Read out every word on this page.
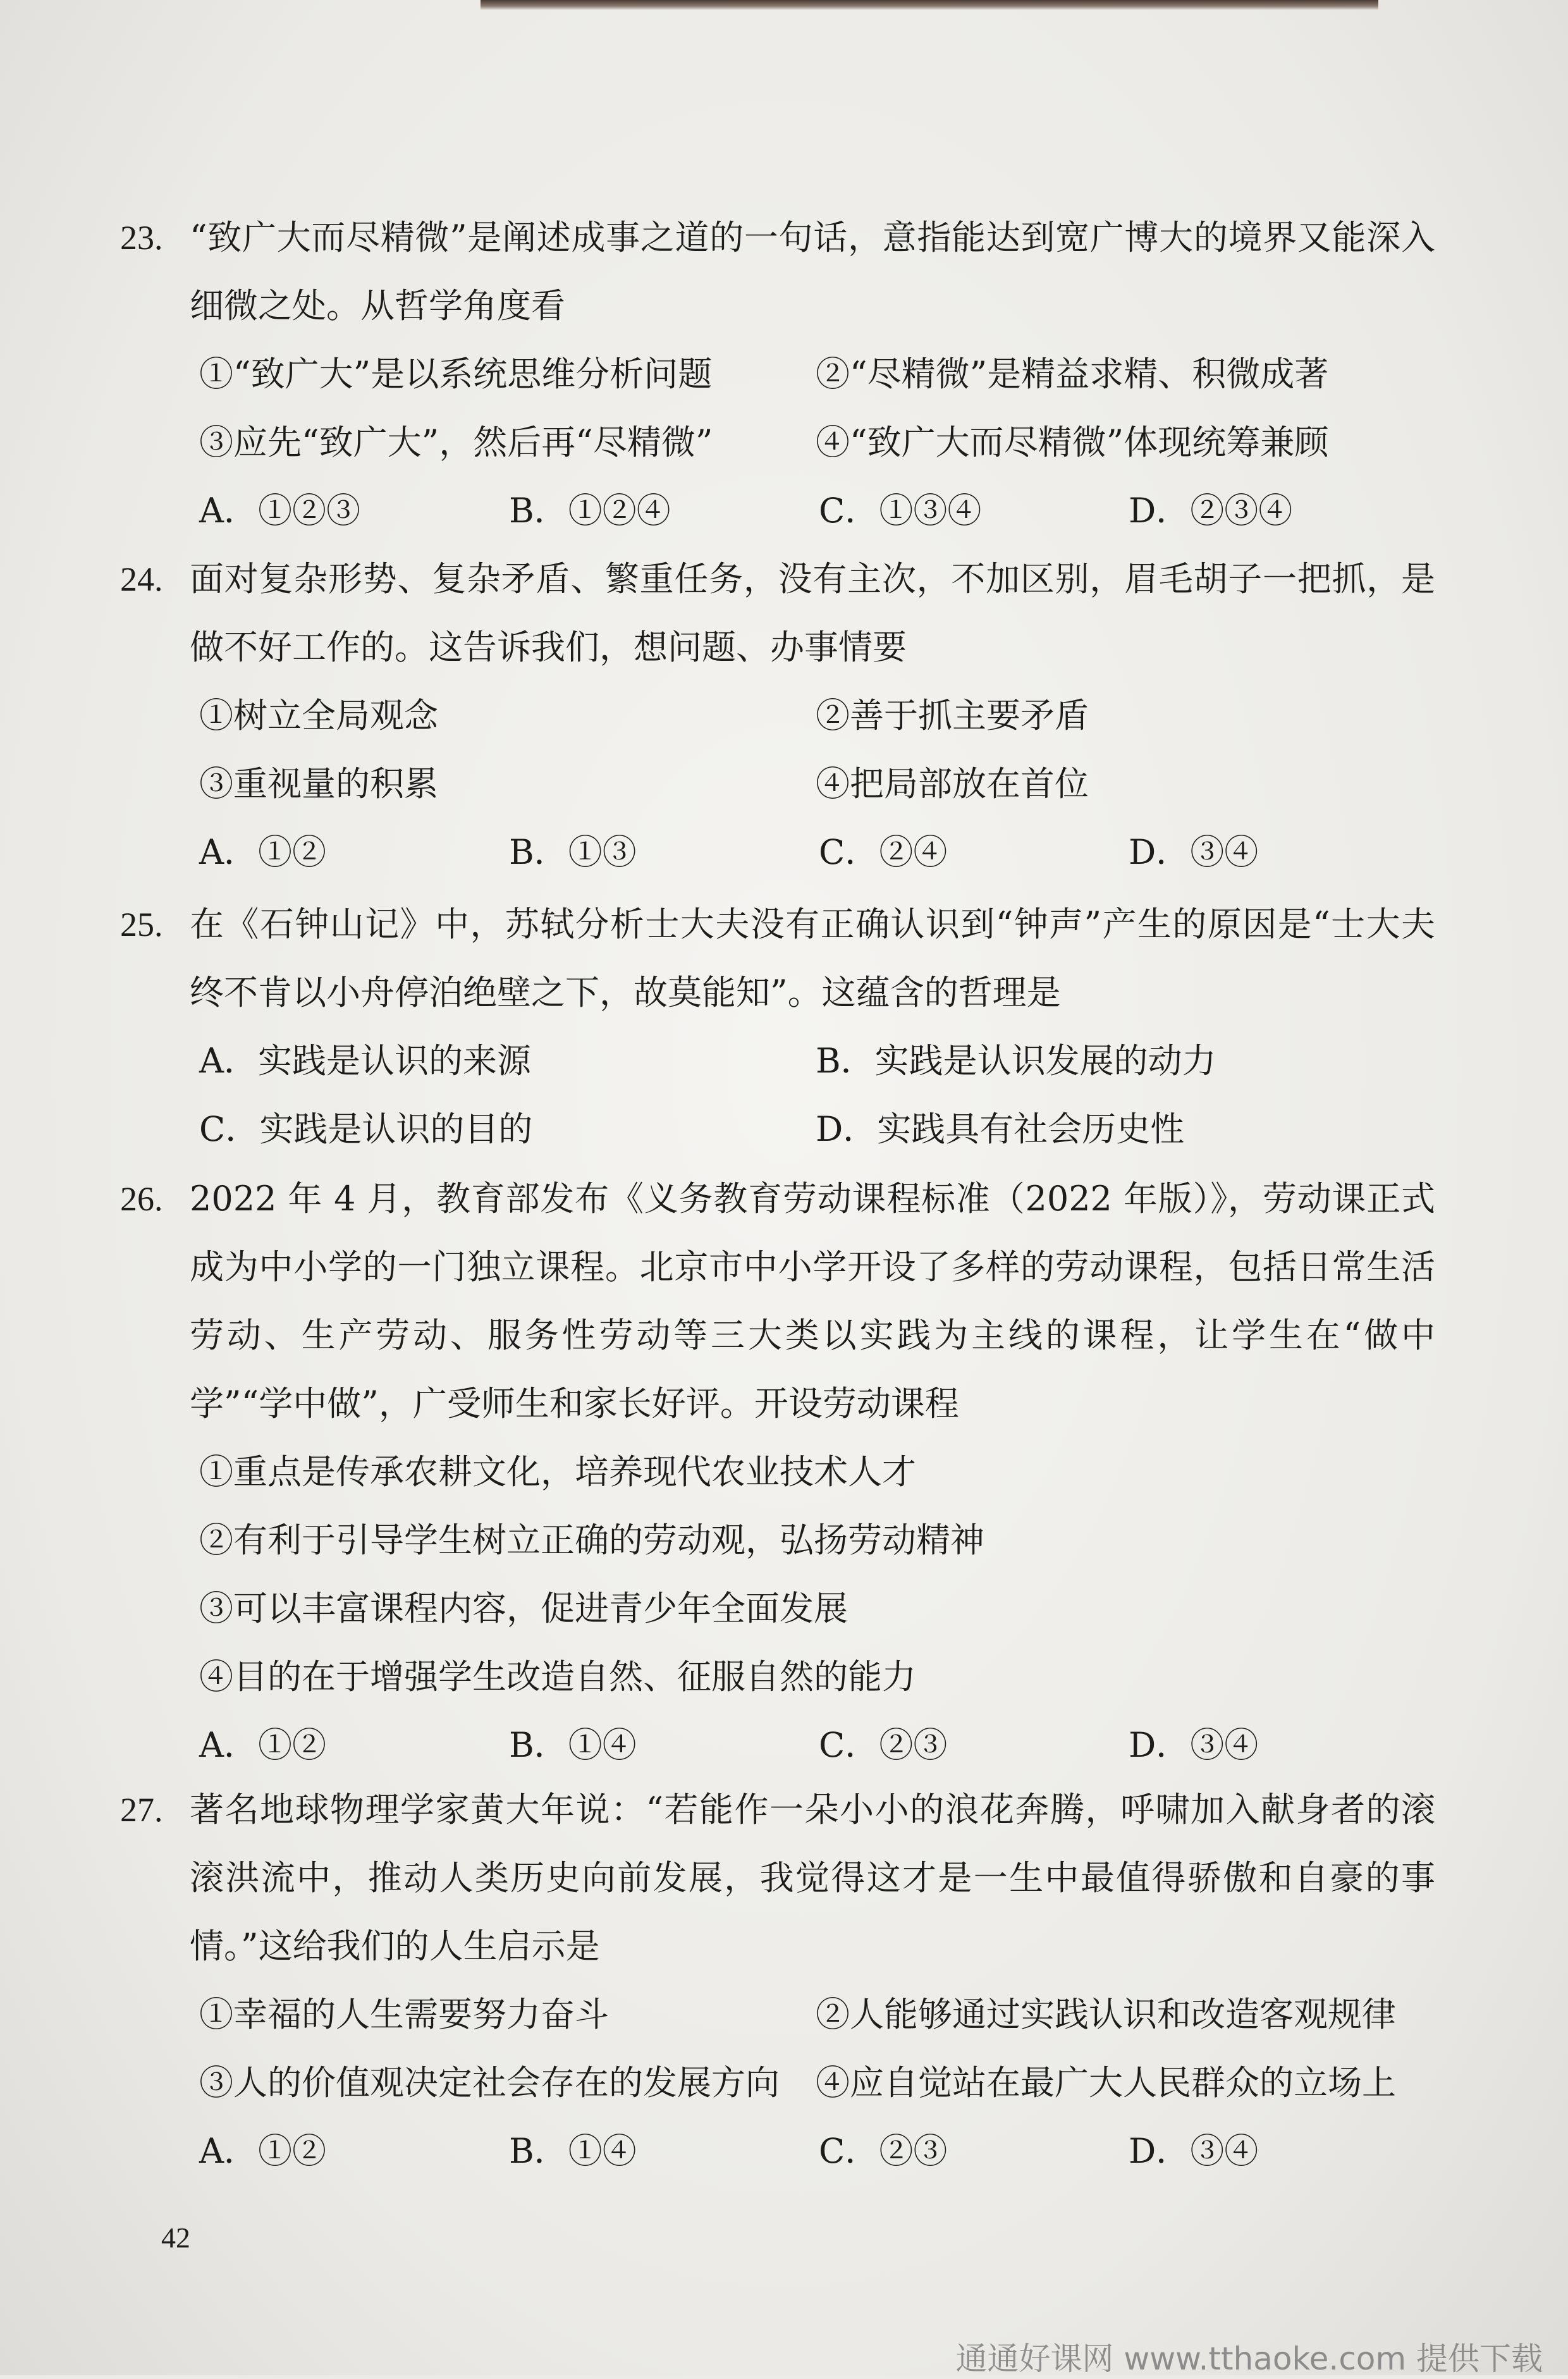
23. “致广大而尽精微”是阐述成事之道的一句话，意指能达到宽广博大的境界又能深入细微之处。从哲学角度看
①“致广大”是以系统思维分析问题	②“尽精微”是精益求精、积微成著
③应先“致广大”，然后再“尽精微”	④“致广大而尽精微”体现统筹兼顾
A．①②③	B．①②④	C．①③④	D．②③④
24. 面对复杂形势、复杂矛盾、繁重任务，没有主次，不加区别，眉毛胡子一把抓，是做不好工作的。这告诉我们，想问题、办事情要
①树立全局观念	②善于抓主要矛盾
③重视量的积累	④把局部放在首位
A．①②	B．①③	C．②④	D．③④
25. 在《石钟山记》中，苏轼分析士大夫没有正确认识到“钟声”产生的原因是“士大夫终不肯以小舟停泊绝壁之下，故莫能知”。这蕴含的哲理是
A．实践是认识的来源	B．实践是认识发展的动力
C．实践是认识的目的	D．实践具有社会历史性
26. 2022 年 4 月，教育部发布《义务教育劳动课程标准（2022 年版）》，劳动课正式成为中小学的一门独立课程。北京市中小学开设了多样的劳动课程，包括日常生活劳动、生产劳动、服务性劳动等三大类以实践为主线的课程，让学生在“做中学”“学中做”，广受师生和家长好评。开设劳动课程
①重点是传承农耕文化，培养现代农业技术人才
②有利于引导学生树立正确的劳动观，弘扬劳动精神
③可以丰富课程内容，促进青少年全面发展
④目的在于增强学生改造自然、征服自然的能力
A．①②	B．①④	C．②③	D．③④
27. 著名地球物理学家黄大年说：“若能作一朵小小的浪花奔腾，呼啸加入献身者的滚滚洪流中，推动人类历史向前发展，我觉得这才是一生中最值得骄傲和自豪的事情。”这给我们的人生启示是
①幸福的人生需要努力奋斗	②人能够通过实践认识和改造客观规律
③人的价值观决定社会存在的发展方向	④应自觉站在最广大人民群众的立场上
A．①②	B．①④	C．②③	D．③④
42
通通好课网 www.tthaoke.com 提供下载
